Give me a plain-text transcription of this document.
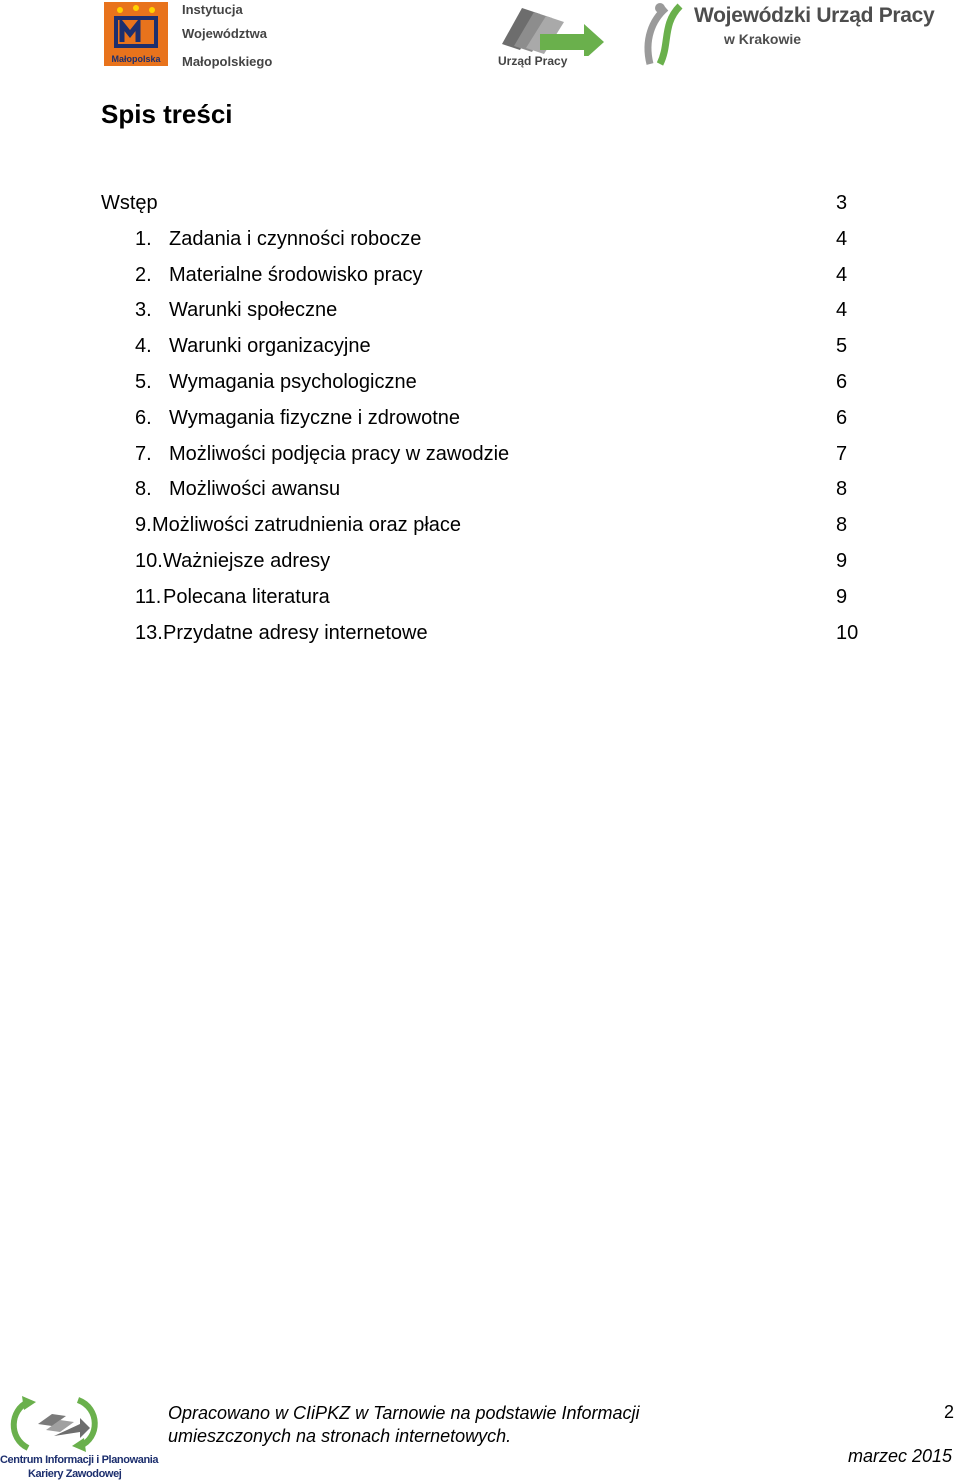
Małopolska
Instytucja
Województwa
Małopolskiego	Urząd Pracy
Wojewódzki Urząd Pracy
w Krakowie
Spis treści
Wstęp	3
1. Zadania i czynności robocze	4
2. Materialne środowisko pracy	4
3. Warunki społeczne	4
4. Warunki organizacyjne	5
5. Wymagania psychologiczne	6
6. Wymagania fizyczne i zdrowotne	6
7. Możliwości podjęcia pracy w zawodzie	7
8. Możliwości awansu	8
9. Możliwości zatrudnienia oraz płace	8
10. Ważniejsze adresy	9
11. Polecana literatura	9
13. Przydatne adresy internetowe	10
Centrum Informacji i Planowania
Kariery Zawodowej
Opracowano w CIiPKZ w Tarnowie na podstawie Informacji umieszczonych na stronach internetowych.
2
marzec 2015
